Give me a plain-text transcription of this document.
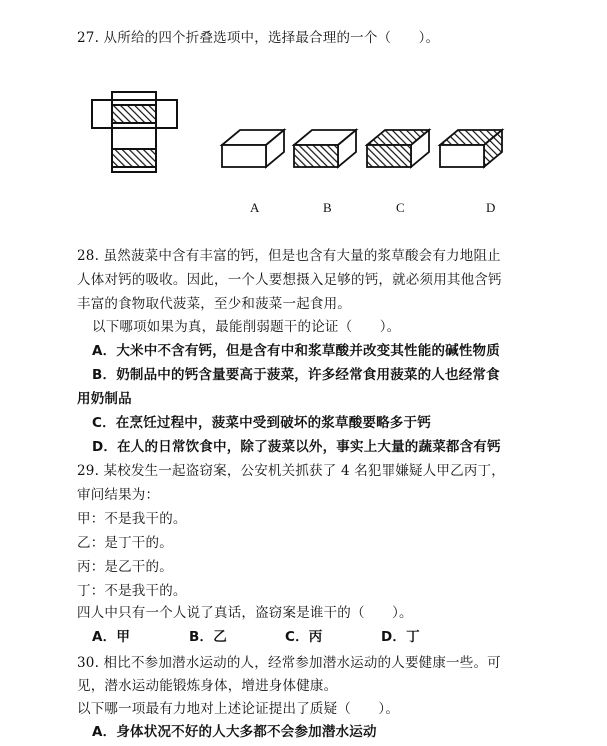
27. 从所给的四个折叠选项中，选择最合理的一个（　　）。
A	B	C	D
28. 虽然菠菜中含有丰富的钙，但是也含有大量的浆草酸会有力地阻止
人体对钙的吸收。因此，一个人要想摄入足够的钙，就必须用其他含钙
丰富的食物取代菠菜，至少和菠菜一起食用。
以下哪项如果为真，最能削弱题干的论证（　　）。
A．大米中不含有钙，但是含有中和浆草酸并改变其性能的碱性物质
B．奶制品中的钙含量要高于菠菜，许多经常食用菠菜的人也经常食
用奶制品
C．在烹饪过程中，菠菜中受到破坏的浆草酸要略多于钙
D．在人的日常饮食中，除了菠菜以外，事实上大量的蔬菜都含有钙
29. 某校发生一起盗窃案，公安机关抓获了 4 名犯罪嫌疑人甲乙丙丁，
审问结果为：
甲：不是我干的。
乙：是丁干的。
丙：是乙干的。
丁：不是我干的。
四人中只有一个人说了真话，盗窃案是谁干的（　　）。
A．甲	B．乙	C．丙	D．丁
30. 相比不参加潜水运动的人，经常参加潜水运动的人要健康一些。可
见，潜水运动能锻炼身体，增进身体健康。
以下哪一项最有力地对上述论证提出了质疑（　　）。
A．身体状况不好的人大多都不会参加潜水运动
